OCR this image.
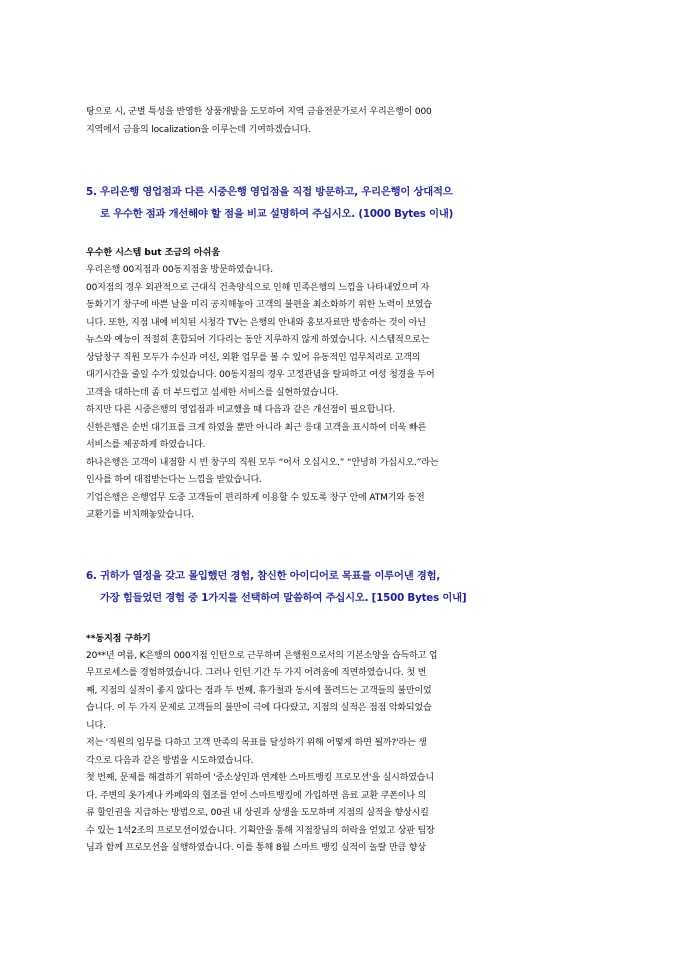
탕으로 시, 군별 특성을 반영한 상품개발을 도모하여 지역 금융전문가로서 우리은행이 000

지역에서 금융의 localization을 이루는데 기여하겠습니다.

5. 우리은행 영업점과 다른 시중은행 영업점을 직접 방문하고, 우리은행이 상대적으
로 우수한 점과 개선해야 할 점을 비교 설명하여 주십시오. (1000 Bytes 이내)

우수한 시스템 but 조금의 아쉬움

우리은행 00지점과 00동지점을 방문하였습니다.

00지점의 경우 외관적으로 근대식 건축양식으로 인해 민족은행의 느낌을 나타내었으며 자

동화기기 창구에 바쁜 날을 미리 공지해놓아 고객의 불편을 최소화하기 위한 노력이 보였습

니다. 또한, 지점 내에 비치된 시청각 TV는 은행의 안내와 홍보자료만 방송하는 것이 아닌

뉴스와 예능이 적절히 혼합되어 기다리는 동안 지루하지 않게 하였습니다. 시스템적으로는

상담창구 직원 모두가 수신과 여신, 외환 업무를 볼 수 있어 유동적인 업무처리로 고객의

대기시간을 줄일 수가 있었습니다. 00동지점의 경우 고정관념을 탈피하고 여성 청경을 두어

고객을 대하는데 좀 더 부드럽고 섬세한 서비스를 실현하였습니다.

하지만 다른 시중은행의 영업점과 비교했을 때 다음과 같은 개선점이 필요합니다.

신한은행은 순번 대기표를 크게 하였을 뿐만 아니라 최근 응대 고객을 표시하여 더욱 빠른

서비스를 제공하게 하였습니다.

하나은행은 고객이 내점할 시 빈 창구의 직원 모두 “어서 오십시오.” “안녕히 가십시오.”라는

인사를 하여 대접받는다는 느낌을 받았습니다.

기업은행은 은행업무 도중 고객들이 편리하게 이용할 수 있도록 창구 안에 ATM기와 동전

교환기를 비치해놓았습니다.

6. 귀하가 열정을 갖고 몰입했던 경험, 참신한 아이디어로 목표를 이루어낸 경험,
가장 힘들었던 경험 중 1가지를 선택하여 말씀하여 주십시오. [1500 Bytes 이내]

**동지점 구하기

20**년 여름, K은행의 000지점 인턴으로 근무하며 은행원으로서의 기본소양을 습득하고 업

무프로세스를 경험하였습니다. 그러나 인턴 기간 두 가지 어려움에 직면하였습니다. 첫 번

째, 지점의 실적이 좋지 않다는 점과 두 번째, 휴가철과 동시에 몰려드는 고객들의 불만이었

습니다. 이 두 가지 문제로 고객들의 불만이 극에 다다랐고, 지점의 실적은 점점 악화되었습

니다.

저는 '직원의 임무를 다하고 고객 만족의 목표를 달성하기 위해 어떻게 하면 될까?'라는 생

각으로 다음과 같은 방법을 시도하였습니다.

첫 번째, 문제를 해결하기 위하여 '중소상인과 연계한 스마트뱅킹 프로모션'을 실시하였습니

다. 주변의 옷가게나 카페와의 협조를 얻어 스마트뱅킹에 가입하면 음료 교환 쿠폰이나 의

류 할인권을 지급하는 방법으로, 00권 내 상권과 상생을 도모하며 지점의 실적을 향상시킬

수 있는 1석2조의 프로모션이었습니다. 기획안을 통해 지점장님의 허락을 얻었고 상판 팀장

님과 함께 프로모션을 실행하였습니다. 이를 통해 8월 스마트 뱅킹 실적이 놀랄 만큼 향상
